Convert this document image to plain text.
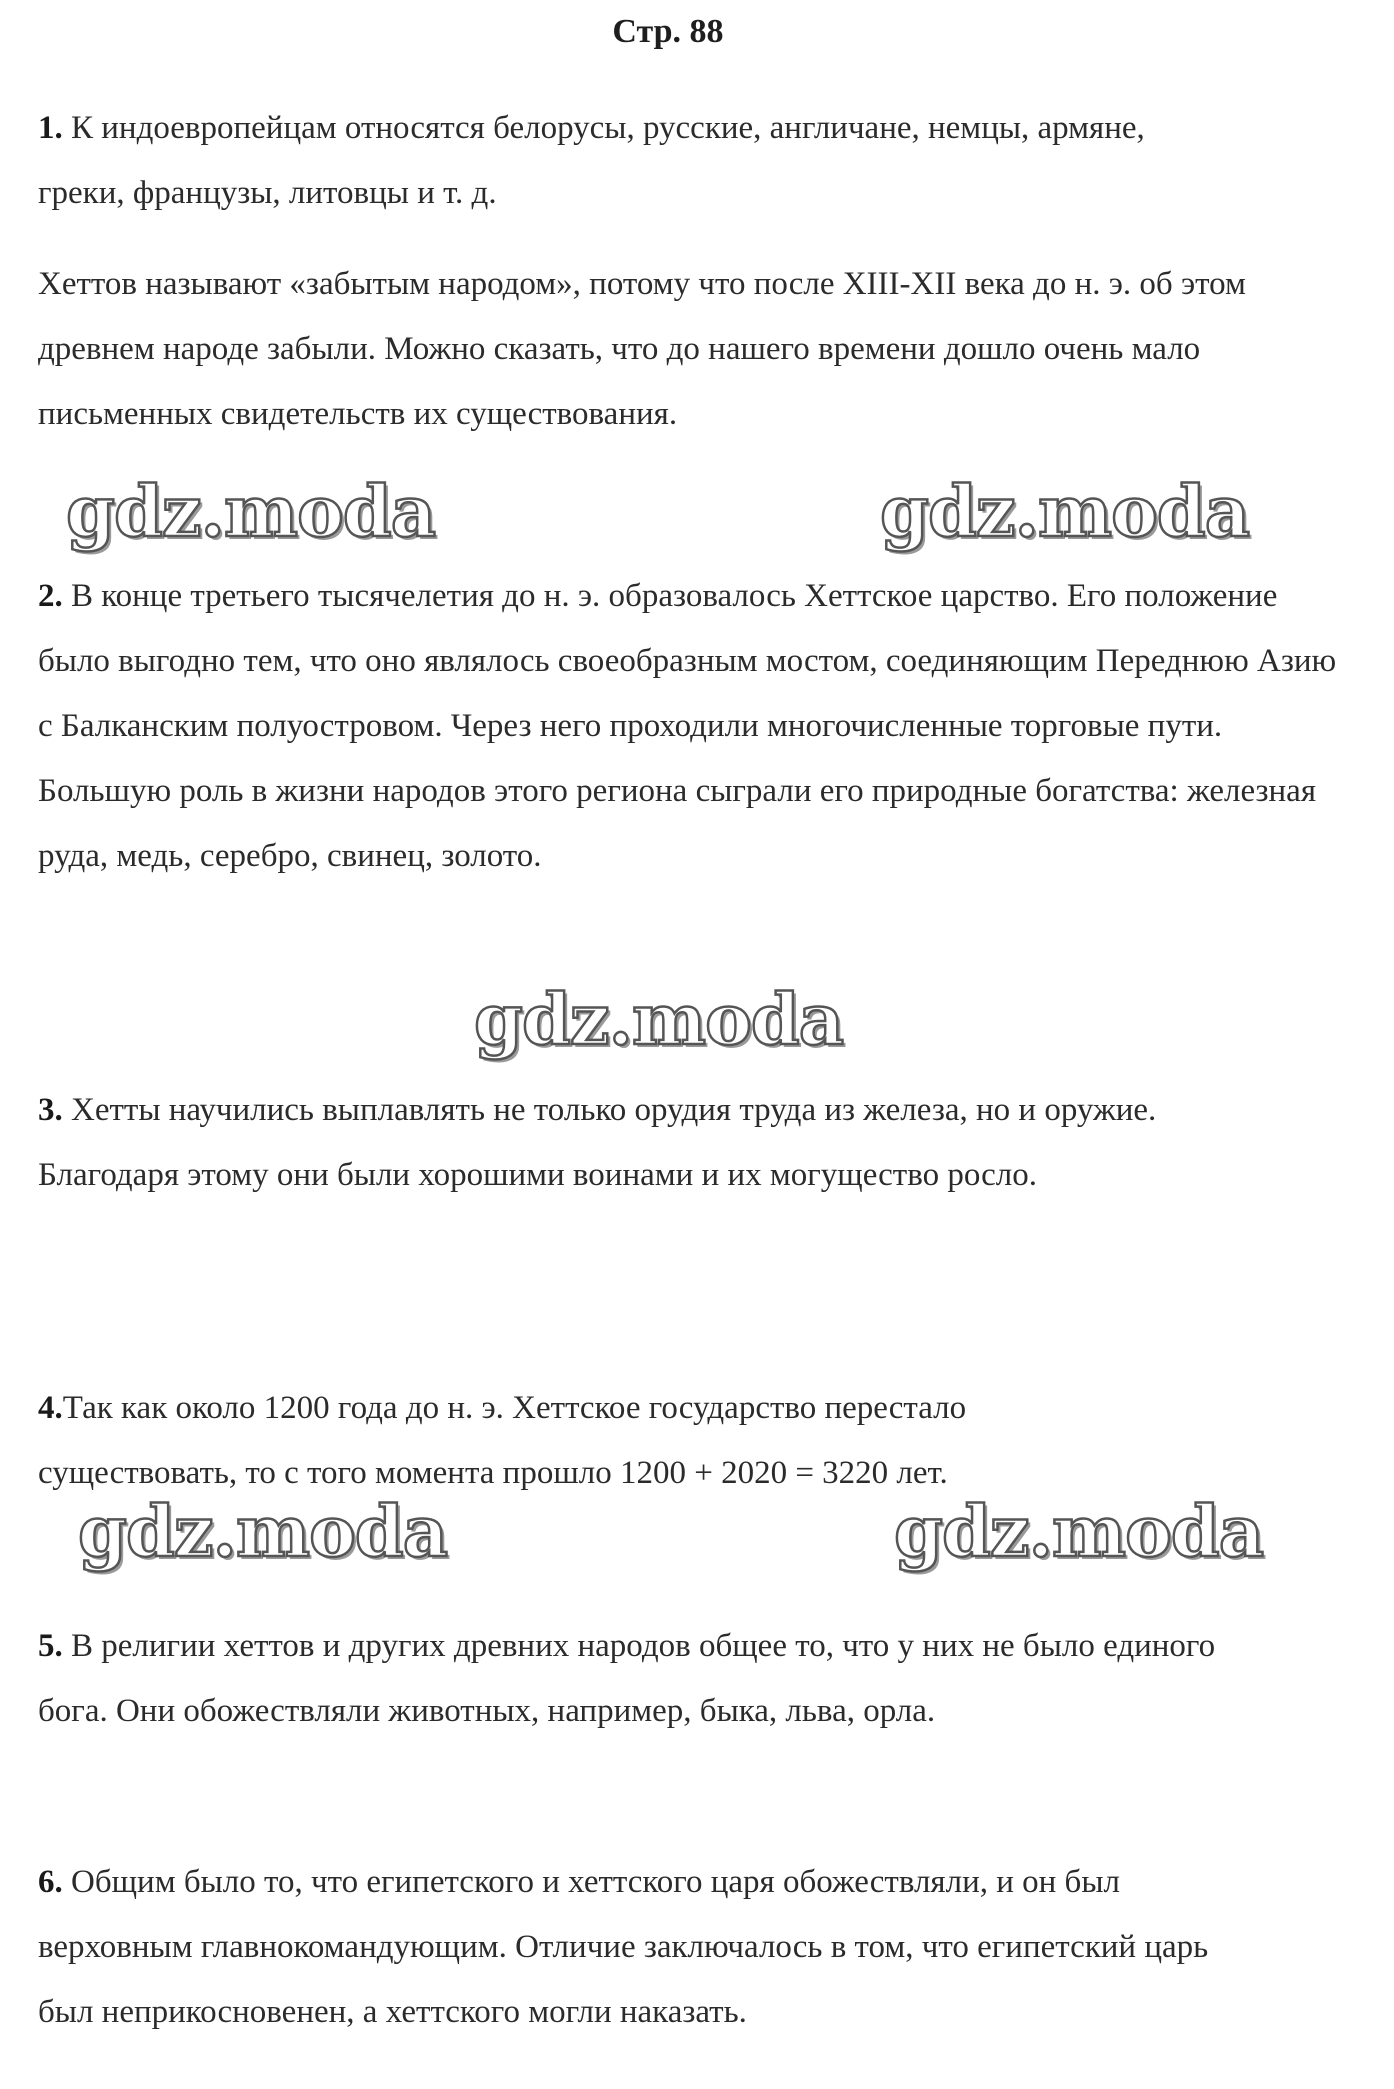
Стр. 88

1. К индоевропейцам относятся белорусы, русские, англичане, немцы, армяне, греки, французы, литовцы и т. д.

Хеттов называют «забытым народом», потому что после XIII-XII века до н. э. об этом древнем народе забыли. Можно сказать, что до нашего времени дошло очень мало письменных свидетельств их существования.

gdz.moda	gdz.moda

2. В конце третьего тысячелетия до н. э. образовалось Хеттское царство. Его положение было выгодно тем, что оно являлось своеобразным мостом, соединяющим Переднюю Азию с Балканским полуостровом. Через него проходили многочисленные торговые пути. Большую роль в жизни народов этого региона сыграли его природные богатства: железная руда, медь, серебро, свинец, золото.

gdz.moda

3. Хетты научились выплавлять не только орудия труда из железа, но и оружие. Благодаря этому они были хорошими воинами и их могущество росло.

4.Так как около 1200 года до н. э. Хеттское государство перестало существовать, то с того момента прошло 1200 + 2020 = 3220 лет.

gdz.moda	gdz.moda

5. В религии хеттов и других древних народов общее то, что у них не было единого бога. Они обожествляли животных, например, быка, льва, орла.

6. Общим было то, что египетского и хеттского царя обожествляли, и он был верховным главнокомандующим. Отличие заключалось в том, что египетский царь был неприкосновенен, а хеттского могли наказать.
